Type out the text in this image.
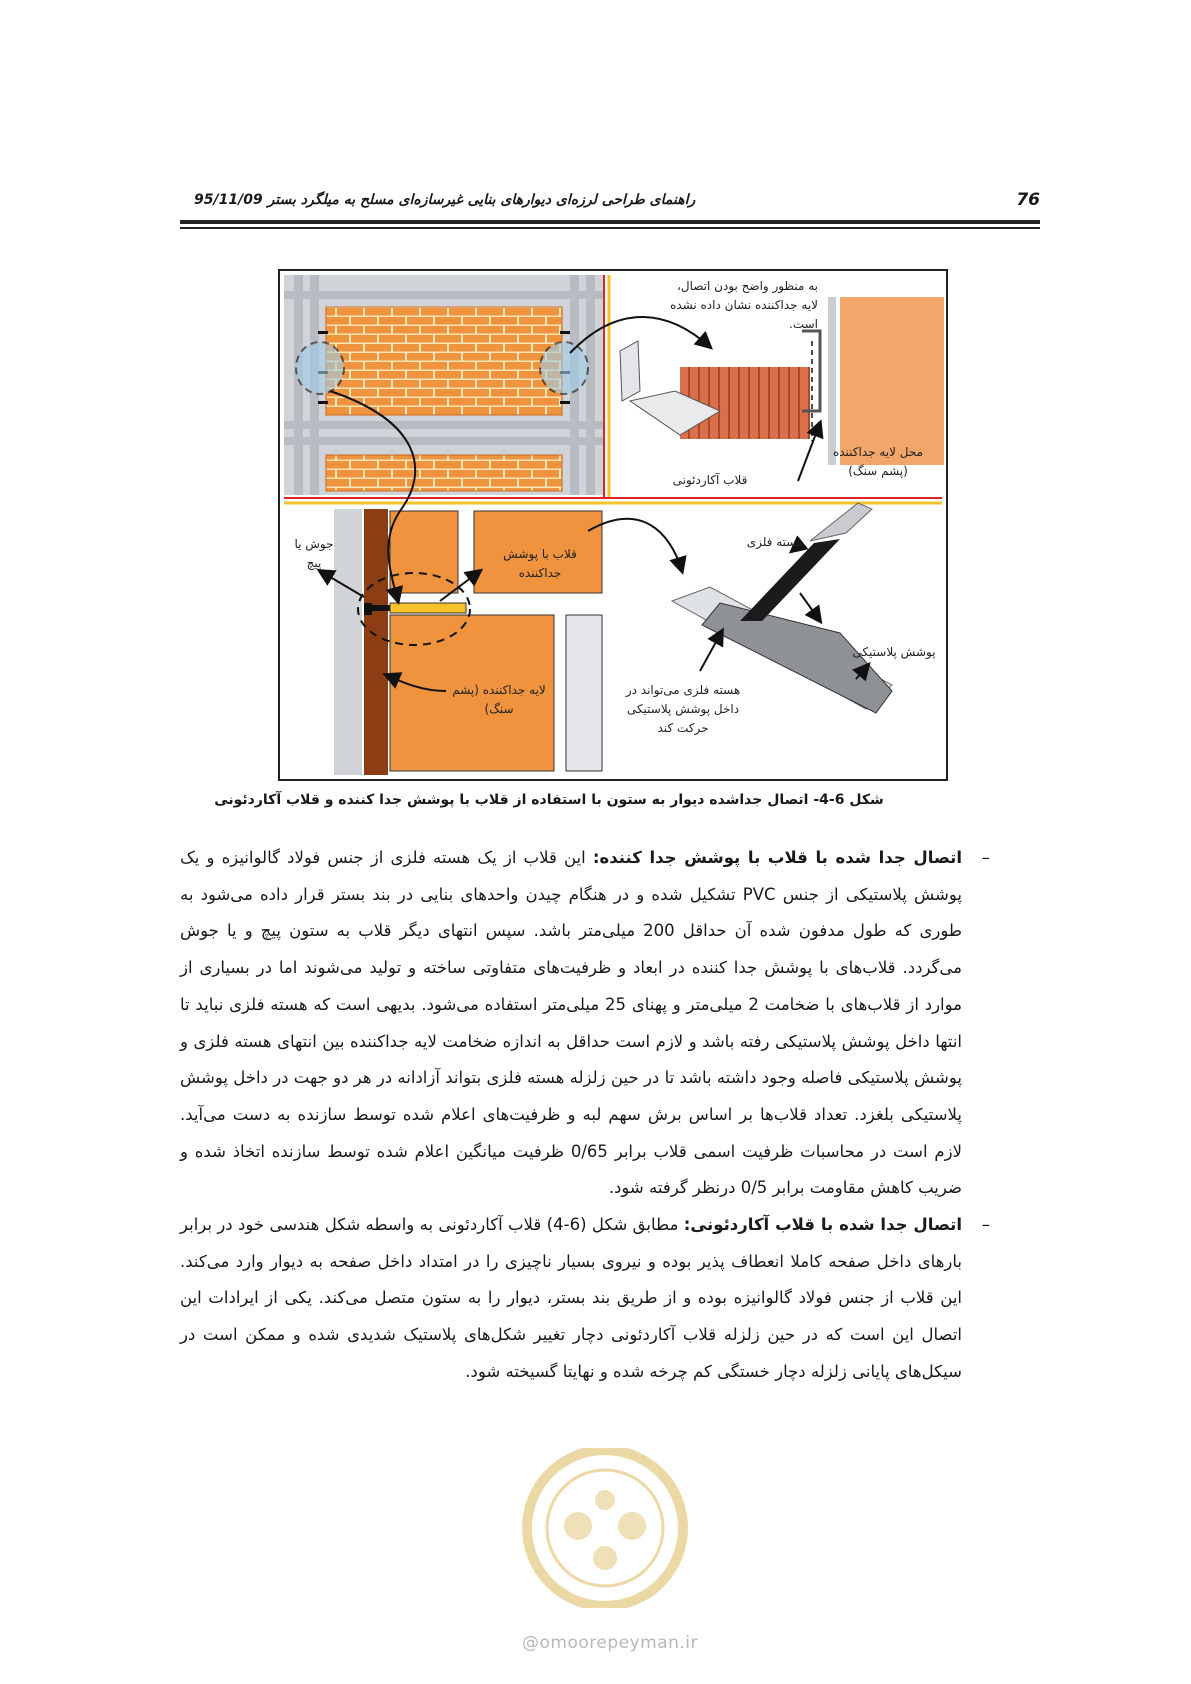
76
راهنمای طراحی لرزه‌ای دیوارهای بنایی غیرسازه‌ای مسلح به میلگرد بستر 95/11/09
به منظور واضح بودن اتصال، لایه جداکننده نشان داده نشده است.
قلاب آکاردئونی
محل لایه جداکننده (پشم سنگ)
جوش یا پیچ
قلاب با پوشش جداکننده
لایه جداکننده (پشم سنگ)
هسته فلزی
پوشش پلاستیکی
هسته فلزی می‌تواند در داخل پوشش پلاستیکی حرکت کند
شکل 6-4- اتصال جداشده دیوار به ستون با استفاده از قلاب با پوشش جدا کننده و قلاب آکاردئونی

–
اتصال جدا شده با قلاب با پوشش جدا کننده: این قلاب از یک هسته فلزی از جنس فولاد گالوانیزه و یک پوشش پلاستیکی از جنس PVC تشکیل شده و در هنگام چیدن واحدهای بنایی در بند بستر قرار داده می‌شود به طوری که طول مدفون شده آن حداقل 200 میلی‌متر باشد. سپس انتهای دیگر قلاب به ستون پیچ و یا جوش می‌گردد. قلاب‌های با پوشش جدا کننده در ابعاد و ظرفیت‌های متفاوتی ساخته و تولید می‌شوند اما در بسیاری از موارد از قلاب‌های با ضخامت 2 میلی‌متر و پهنای 25 میلی‌متر استفاده می‌شود. بدیهی است که هسته فلزی نباید تا انتها داخل پوشش پلاستیکی رفته باشد و لازم است حداقل به اندازه ضخامت لایه جداکننده بین انتهای هسته فلزی و پوشش پلاستیکی فاصله وجود داشته باشد تا در حین زلزله هسته فلزی بتواند آزادانه در هر دو جهت در داخل پوشش پلاستیکی بلغزد. تعداد قلاب‌ها بر اساس برش سهم لبه و ظرفیت‌های اعلام شده توسط سازنده به دست می‌آید. لازم است در محاسبات ظرفیت اسمی قلاب برابر 0/65 ظرفیت میانگین اعلام شده توسط سازنده اتخاذ شده و ضریب کاهش مقاومت برابر 0/5 درنظر گرفته شود.

–
اتصال جدا شده با قلاب آکاردئونی: مطابق شکل (6-4) قلاب آکاردئونی به واسطه شکل هندسی خود در برابر بارهای داخل صفحه کاملا انعطاف پذیر بوده و نیروی بسیار ناچیزی را در امتداد داخل صفحه به دیوار وارد می‌کند. این قلاب از جنس فولاد گالوانیزه بوده و از طریق بند بستر، دیوار را به ستون متصل می‌کند. یکی از ایرادات این اتصال این است که در حین زلزله قلاب آکاردئونی دچار تغییر شکل‌های پلاستیک شدیدی شده و ممکن است در سیکل‌های پایانی زلزله دچار خستگی کم چرخه شده و نهایتا گسیخته شود.

@omoorepeyman.ir
